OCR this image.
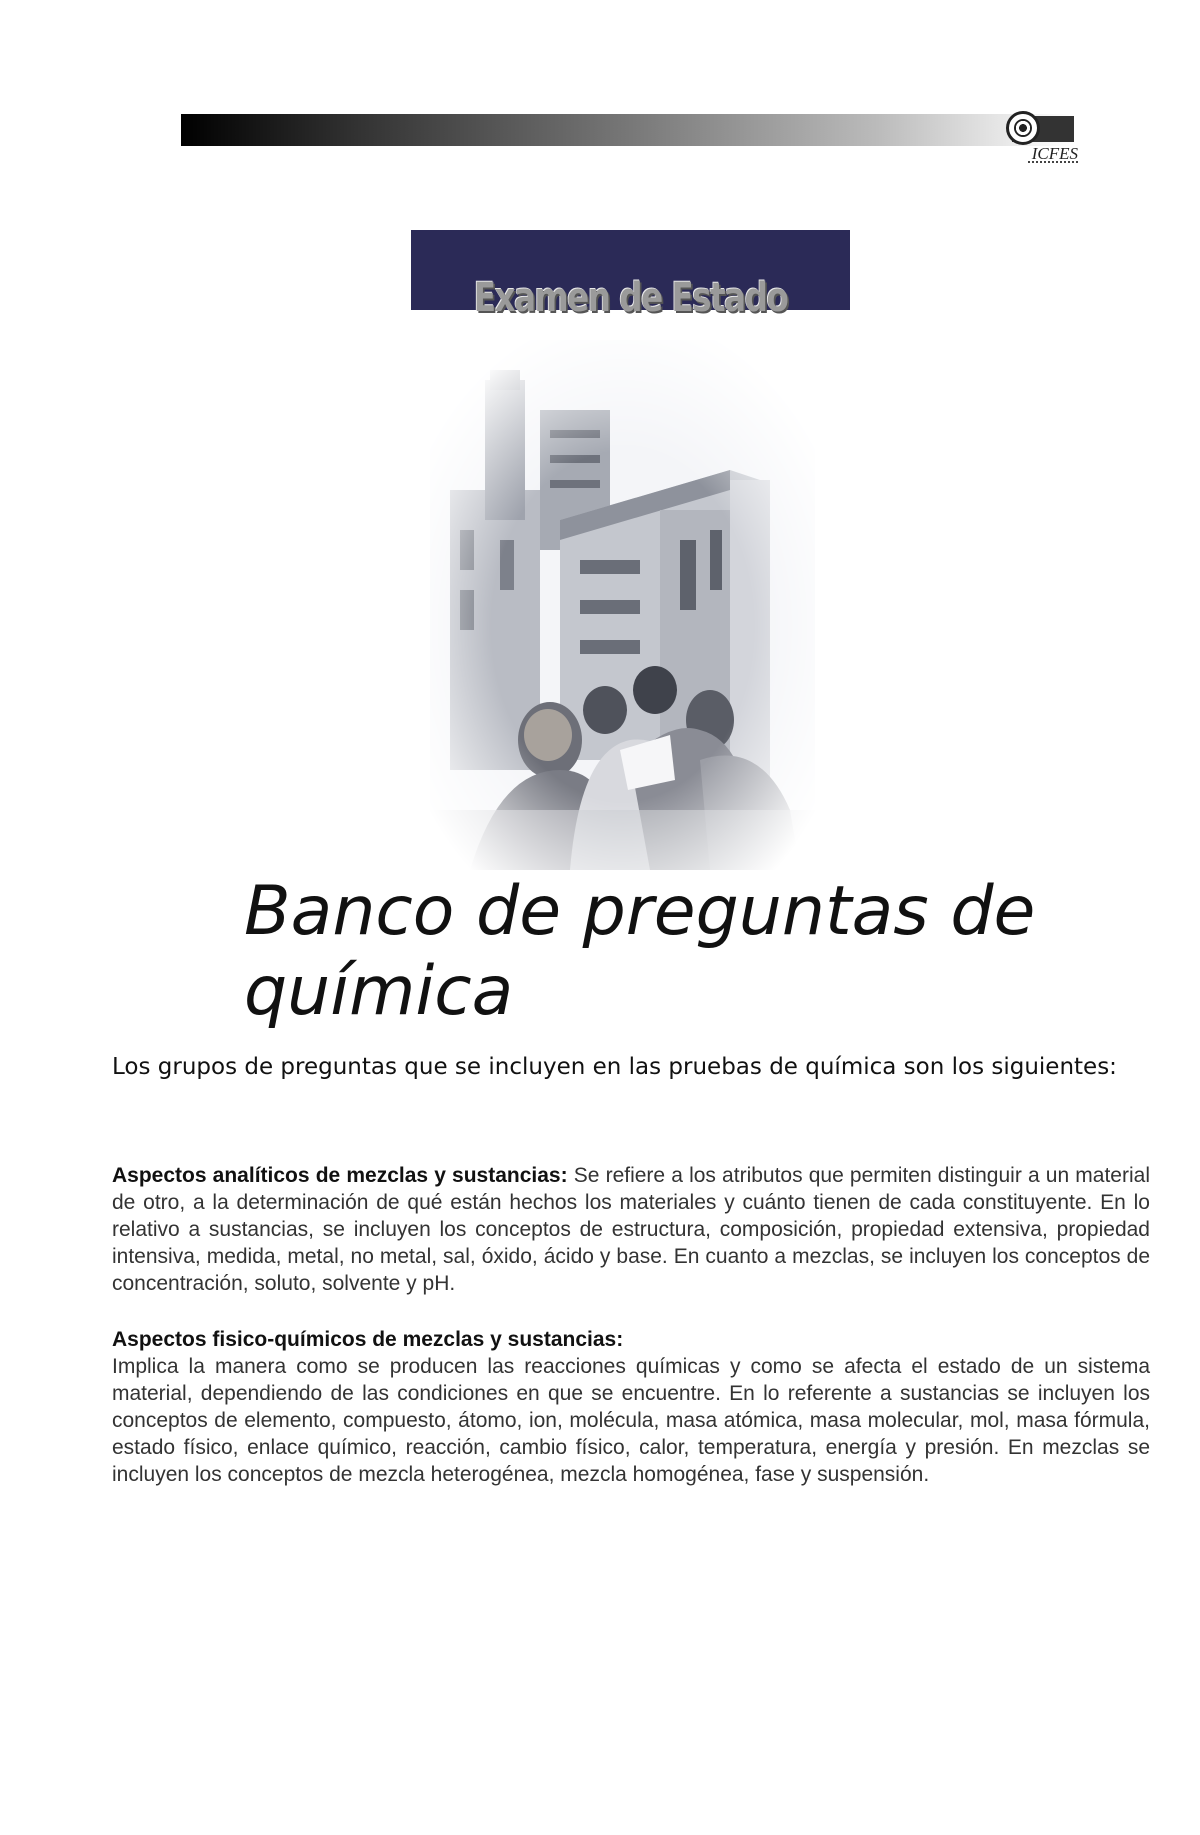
ICFES
Examen de Estado
Banco de preguntas de química

Los grupos de preguntas que se incluyen en las pruebas de química son los siguientes:

Aspectos analíticos de mezclas y sustancias: Se refiere a los atributos que permiten distinguir a un material de otro, a la determinación de qué están hechos los materiales y cuánto tienen de cada constituyente. En lo relativo a sustancias, se incluyen los conceptos de estructura, composición, propiedad extensiva, propiedad intensiva, medida, metal, no metal, sal, óxido, ácido y base. En cuanto a mezclas, se incluyen los conceptos de concentración, soluto, solvente y pH.

Aspectos fisico-químicos de mezclas y sustancias:
Implica la manera como se producen las reacciones químicas y como se afecta el estado de un sistema material, dependiendo de las condiciones en que se encuentre. En lo referente a sustancias se incluyen los conceptos de elemento, compuesto, átomo, ion, molécula, masa atómica, masa molecular, mol, masa fórmula, estado físico, enlace químico, reacción, cambio físico, calor, temperatura, energía y presión. En mezclas se incluyen los conceptos de mezcla heterogénea, mezcla homogénea, fase y suspensión.
